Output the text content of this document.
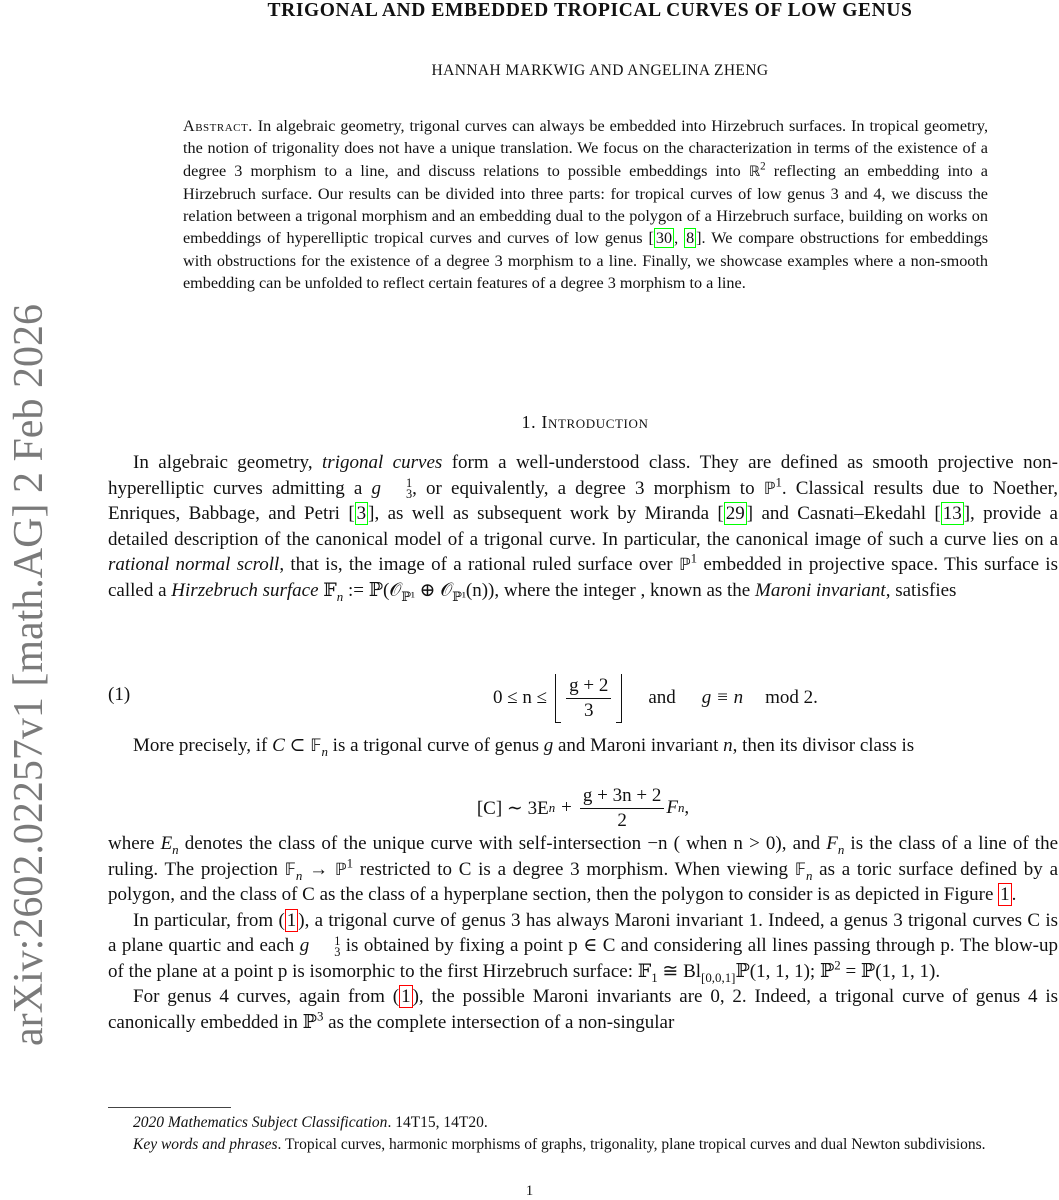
arXiv:2602.02257v1 [math.AG] 2 Feb 2026
TRIGONAL AND EMBEDDED TROPICAL CURVES OF LOW GENUS
HANNAH MARKWIG AND ANGELINA ZHENG
Abstract. In algebraic geometry, trigonal curves can always be embedded into Hirzebruch surfaces. In tropical geometry, the notion of trigonality does not have a unique translation. We focus on the characterization in terms of the existence of a degree 3 morphism to a line, and discuss relations to possible embeddings into ℝ$^2$ reflecting an embedding into a Hirzebruch surface. Our results can be divided into three parts: for tropical curves of low genus 3 and 4, we discuss the relation between a trigonal morphism and an embedding dual to the polygon of a Hirzebruch surface, building on works on embeddings of hyperelliptic tropical curves and curves of low genus [ 30 , 8 ]. We compare obstructions for embeddings with obstructions for the existence of a degree 3 morphism to a line. Finally, we showcase examples where a non-smooth embedding can be unfolded to reflect certain features of a degree 3 morphism to a line.
1. Introduction

In algebraic geometry, trigonal curves form a well-understood class. They are defined as smooth projective non-hyperelliptic curves admitting a g	1
3 , or equivalently, a degree 3 morphism to ℙ$^1$. Classical results due to Noether, Enriques, Babbage, and Petri [ 3 ], as well as subsequent work by Miranda [ 29 ] and Casnati–Ekedahl [ 13 ], provide a detailed description of the canonical model of a trigonal curve. In particular, the canonical image of such a curve lies on a rational normal scroll, that is, the image of a rational ruled surface over ℙ$^1$ embedded in projective space. This surface is called a Hirzebruch surface 𝔽$_n$ := ℙ(𝒪$_{ℙ^1}$ ⊕ 𝒪$_{ℙ^1}$(n)), where the integer , known as the Maroni invariant, satisfies

(1)	$0 \le n \le \frac{g + 2}{3}$ and g ≡ n mod 2.

More precisely, if C ⊂ 𝔽$_n$ is a trigonal curve of genus g and Maroni invariant n, then its divisor class is

[C] ∼ 3E $n + \frac{g + 3n + 2}{2}$ F n ,

where $E_n$ denotes the class of the unique curve with self-intersection −n ( when n > 0), and $F_n$ is the class of a line of the ruling. The projection 𝔽$_n$ → ℙ$^1$ restricted to C is a degree 3 morphism. When viewing 𝔽$_n$ as a toric surface defined by a polygon, and the class of C as the class of a hyperplane section, then the polygon to consider is as depicted in Figure 1 .

In particular, from ( 1 ), a trigonal curve of genus 3 has always Maroni invariant 1. Indeed, a genus 3 trigonal curves C is a plane quartic and each g	1
3 is obtained by fixing a point p ∈ C and considering all lines passing through p. The blow-up of the plane at a point p is isomorphic to the first Hirzebruch surface: 𝔽$_1$ ≅ $Bl_{[0,0,1]}ℙ(1$, 1, 1); ℙ$^2$ = ℙ(1, 1, 1).

For genus 4 curves, again from ( 1 ), the possible Maroni invariants are 0, 2. Indeed, a trigonal curve of genus 4 is canonically embedded in ℙ$^3$ as the complete intersection of a non-singular

2020 Mathematics Subject Classification. 14T15, 14T20.

Key words and phrases. Tropical curves, harmonic morphisms of graphs, trigonality, plane tropical curves and dual Newton subdivisions.

1
